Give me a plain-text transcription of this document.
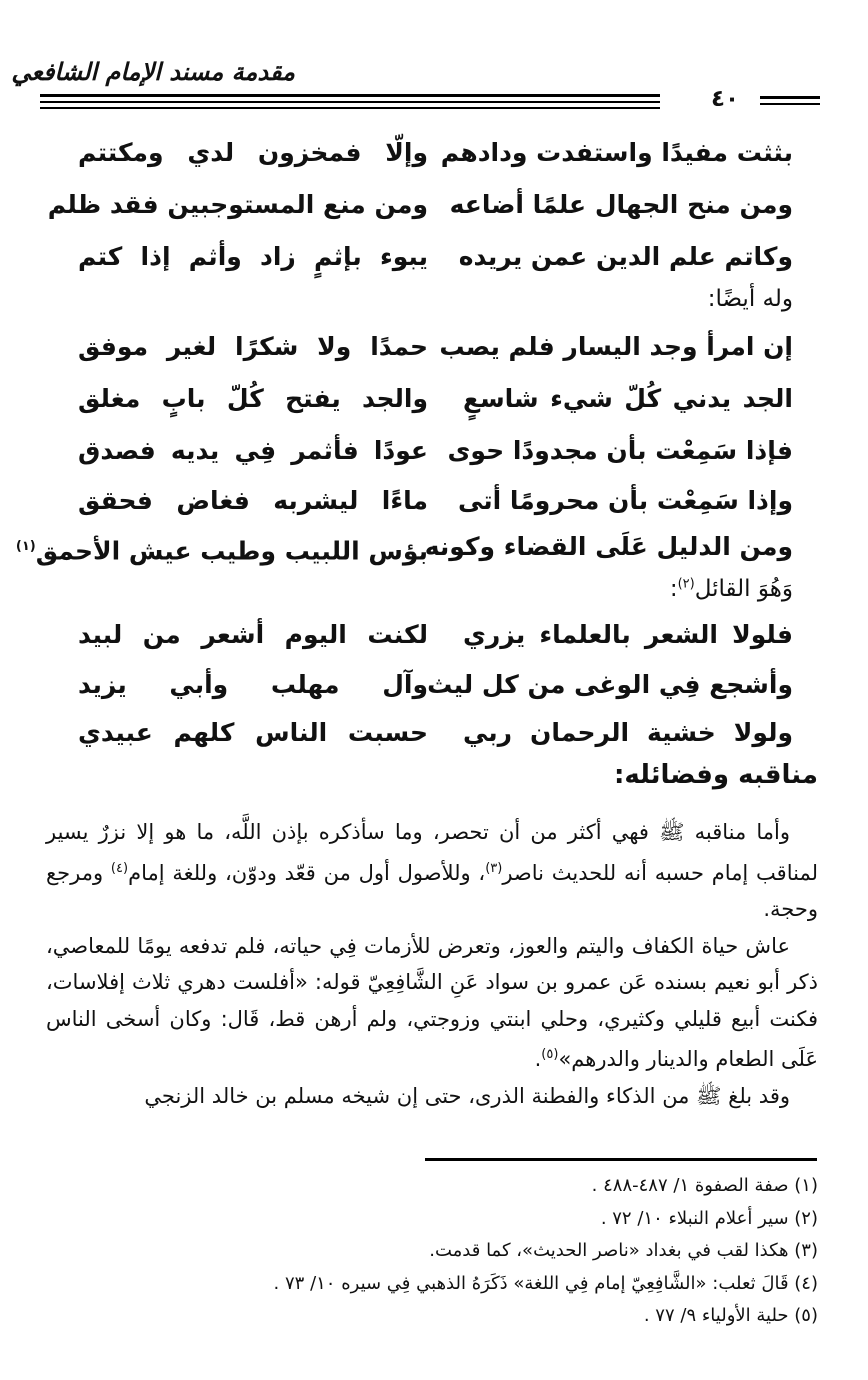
مقدمة مسند الإمام الشافعي
٤٠
بثثت مفيدًا واستفدت ودادهم
وإلّا فمخزون لدي ومكتتم
ومن منح الجهال علمًا أضاعه
ومن منع المستوجبين فقد ظلم
وكاتم علم الدين عمن يريده
يبوء بإثمٍ زاد وأثم إذا كتم
وله أيضًا:
إن امرأ وجد اليسار فلم يصب
حمدًا ولا شكرًا لغير موفق
الجد يدني كُلّ شيء شاسعٍ
والجد يفتح كُلّ بابٍ مغلق
فإذا سَمِعْت بأن مجدودًا حوى
عودًا فأثمر فِي يديه فصدق
وإذا سَمِعْت بأن محرومًا أتى
ماءًا ليشربه فغاض فحقق
ومن الدليل عَلَى القضاء وكونه
بؤس اللبيب وطيب عيش الأحمق$^{(١)}$
وَهُوَ القائل$^{(٢)}$:
فلولا الشعر بالعلماء يزري
لكنت اليوم أشعر من لبيد
وأشجع فِي الوغى من كل ليث
وآل مهلب وأبي يزيد
ولولا خشية الرحمان ربي
حسبت الناس كلهم عبيدي
مناقبه وفضائله:

وأما مناقبه ﷺ فهي أكثر من أن تحصر، وما سأذكره بإذن اللَّه، ما هو إلا نزرٌ يسير لمناقب إمام حسبه أنه للحديث ناصر$^{(٣)}$، وللأصول أول من قعّد ودوّن، وللغة إمام$^{(٤)}$ ومرجع وحجة.

عاش حياة الكفاف واليتم والعوز، وتعرض للأزمات فِي حياته، فلم تدفعه يومًا للمعاصي، ذكر أبو نعيم بسنده عَن عمرو بن سواد عَنِ الشَّافِعِيّ قوله: «أفلست دهري ثلاث إفلاسات، فكنت أبيع قليلي وكثيري، وحلي ابنتي وزوجتي، ولم أرهن قط، قَال: وكان أسخى الناس عَلَى الطعام والدينار والدرهم»$^{(٥)}$.

وقد بلغ ﷺ من الذكاء والفطنة الذرى، حتى إن شيخه مسلم بن خالد الزنجي

(١) صفة الصفوة ١/ ٤٨٧-٤٨٨ .
(٢) سير أعلام النبلاء ١٠/ ٧٢ .
(٣) هكذا لقب في بغداد «ناصر الحديث»، كما قدمت.
(٤) قَالَ ثعلب: «الشَّافِعِيّ إمام فِي اللغة» ذَكَرَهُ الذهبي فِي سيره ١٠/ ٧٣ .
(٥) حلية الأولياء ٩/ ٧٧ .
